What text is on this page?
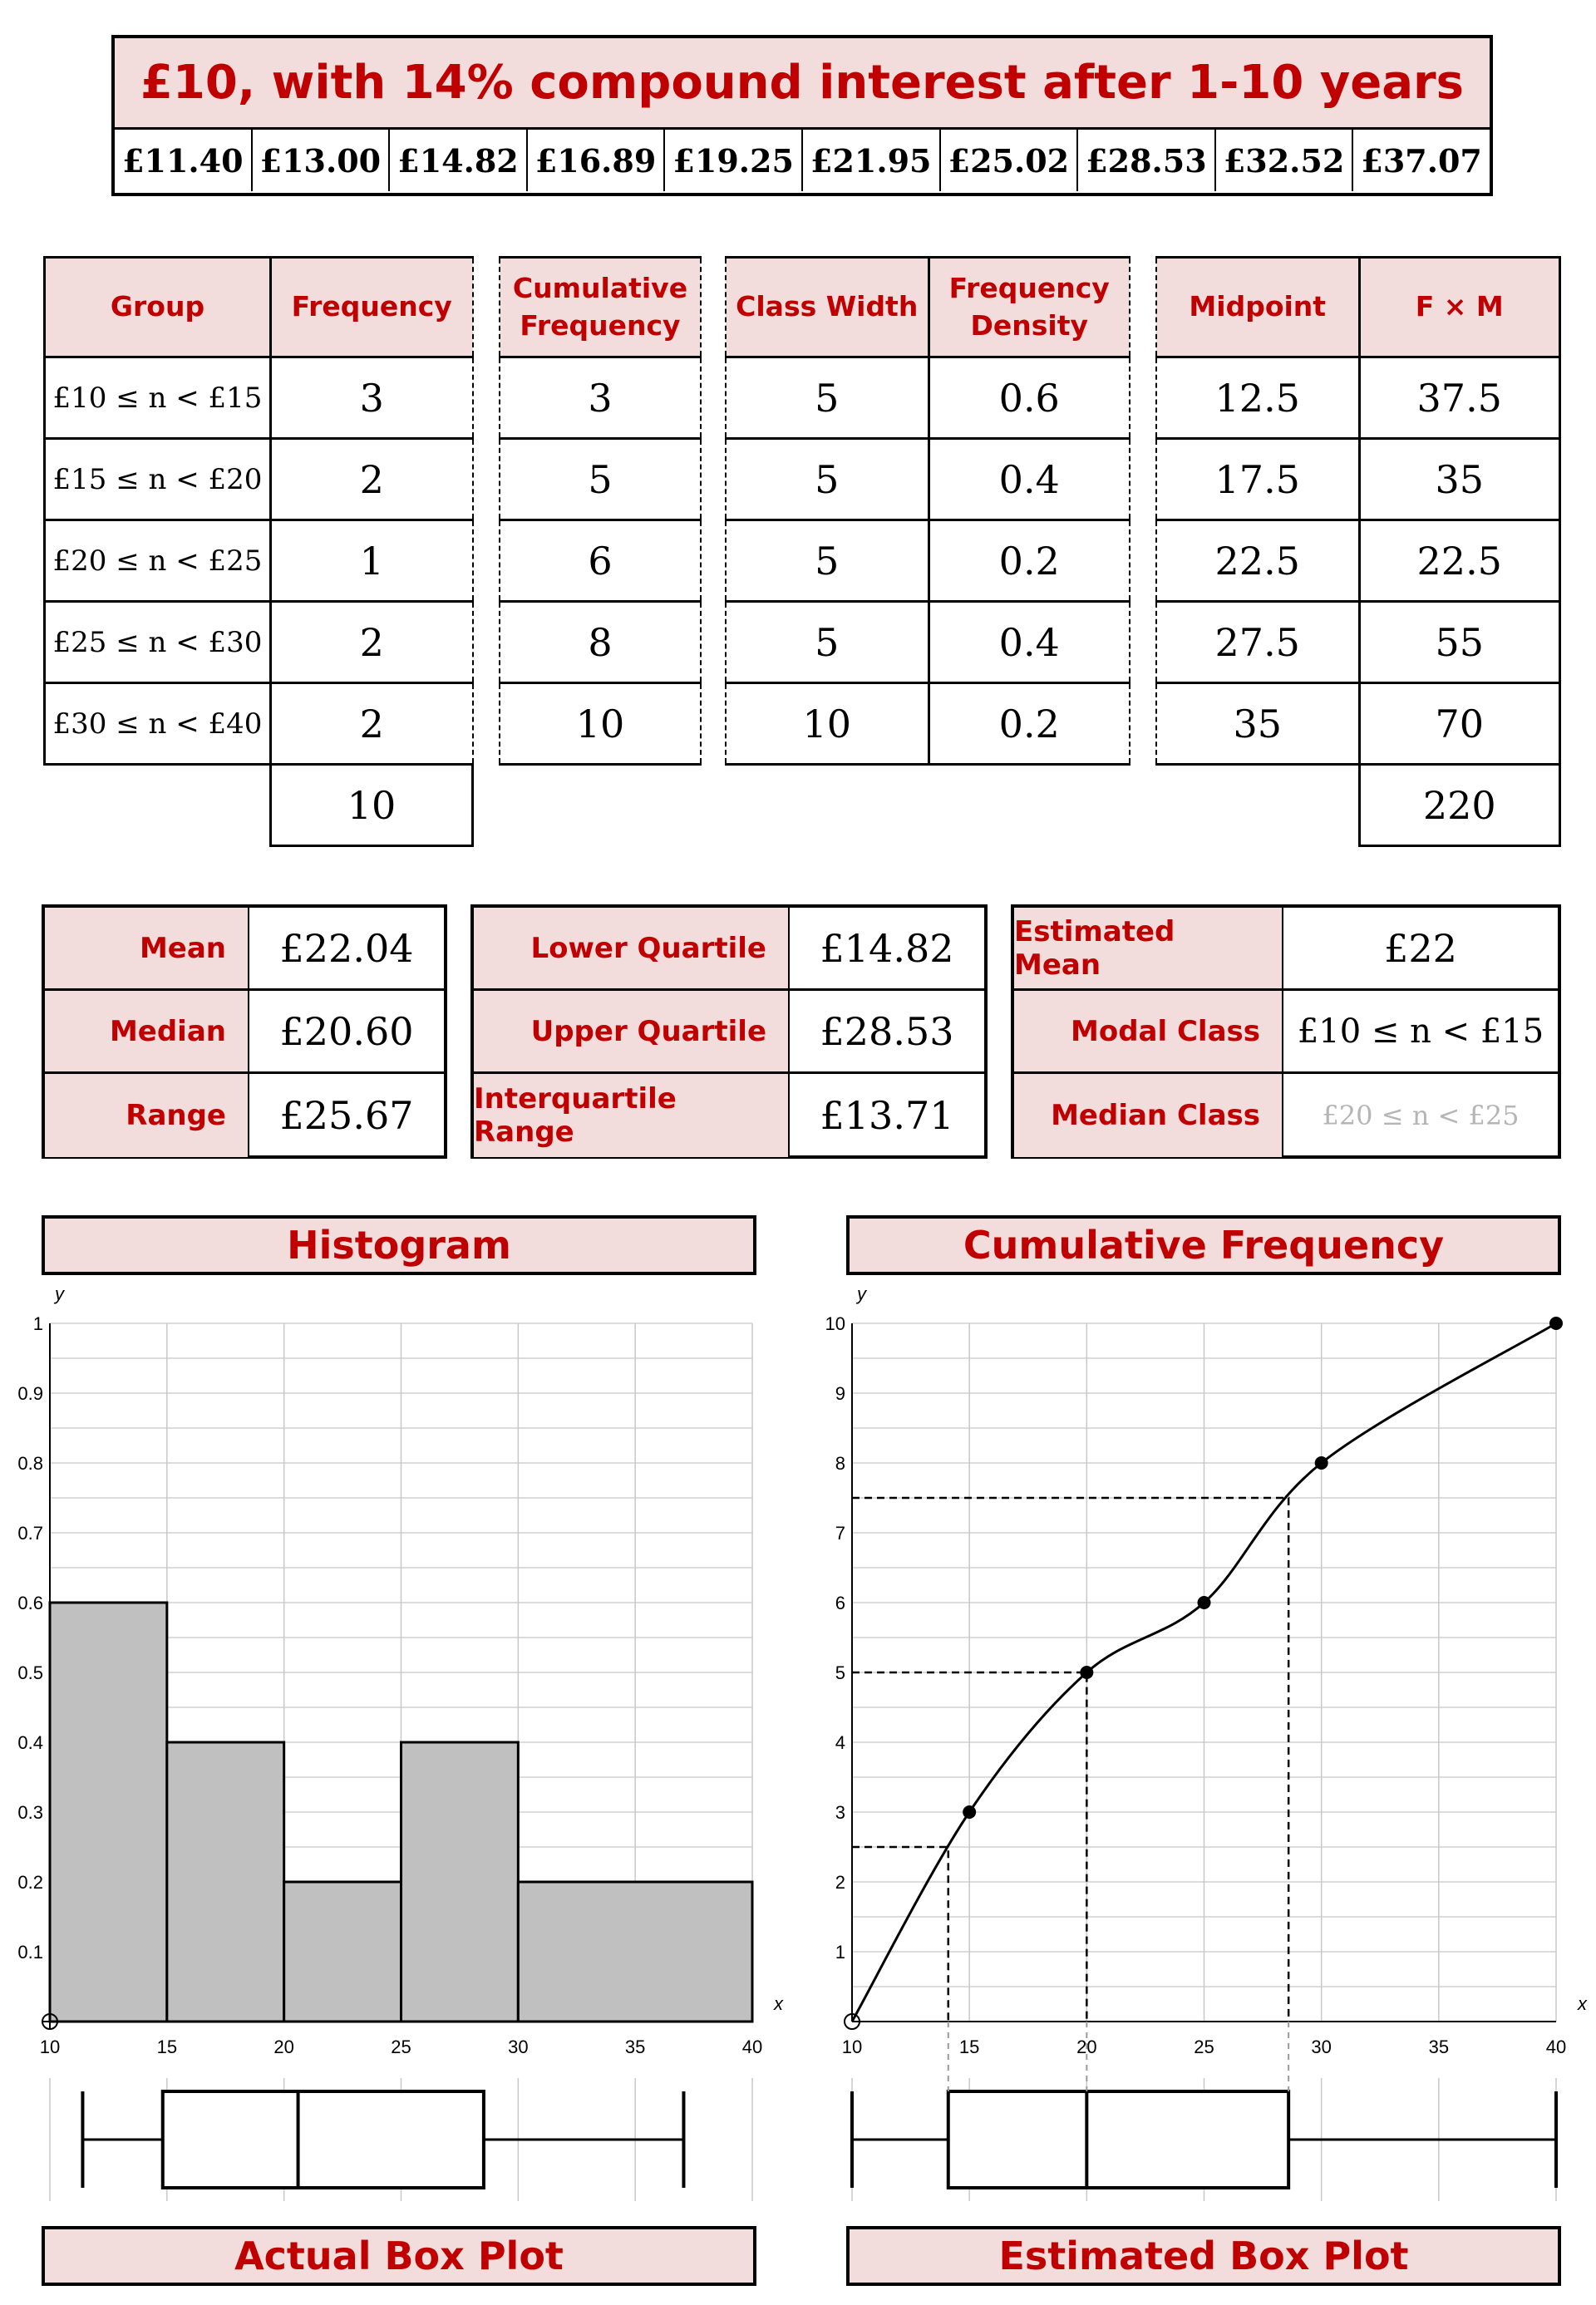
£10, with 14% compound interest after 1-10 years
£11.40 £13.00 £14.82 £16.89 £19.25 £21.95 £25.02 £28.53 £32.52 £37.07
Group	Frequency
£10 ≤ n < £15	3
£15 ≤ n < £20	2
£20 ≤ n < £25	1
£25 ≤ n < £30	2
£30 ≤ n < £40	2
	10
Cumulative
Frequency
3
5
6
8
10
Class Width	Frequency
Density
5	0.6
5	0.4
5	0.2
5	0.4
10	0.2
Midpoint	F × M
12.5	37.5
17.5	35
22.5	22.5
27.5	55
35	70
	220
Mean	£22.04
Median	£20.60
Range	£25.67
Lower Quartile	£14.82
Upper Quartile	£28.53
Interquartile Range	£13.71
Estimated Mean	£22
Modal Class	£10 ≤ n < £15
Median Class	£20 ≤ n < £25
Histogram	Cumulative Frequency
Actual Box Plot	Estimated Box Plot
10	15	20	25	30	35	40
0.1
0.2
0.3
0.4
0.5
0.6
0.7
0.8
0.9
1
y
x
10	15	20	25	30	35	40
1
2
3
4
5
6
7
8
9
10
y
x
